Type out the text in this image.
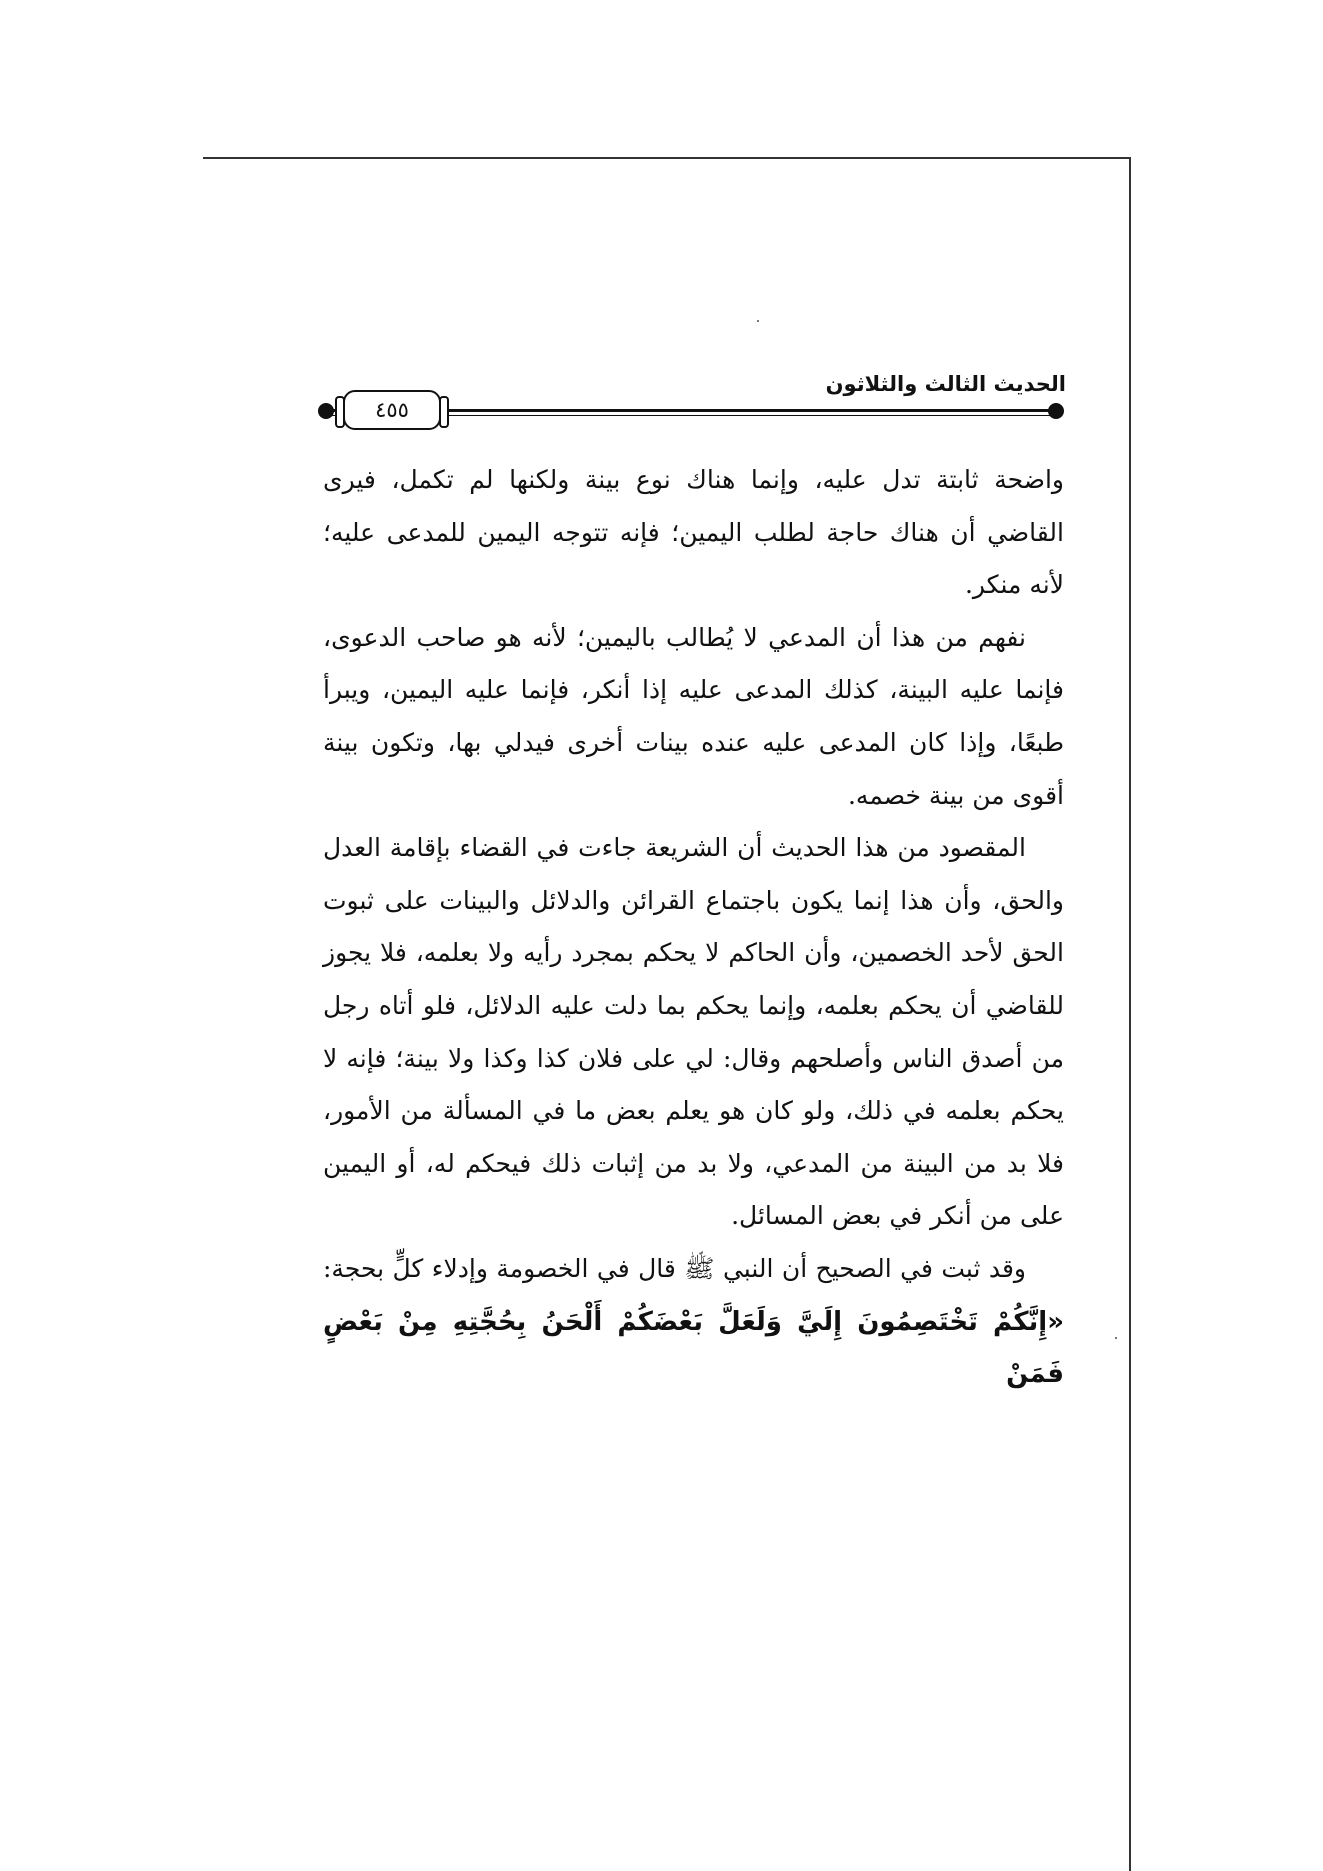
الحديث الثالث والثلاثون
٤٥٥

واضحة ثابتة تدل عليه، وإنما هناك نوع بينة ولكنها لم تكمل، فيرى القاضي أن هناك حاجة لطلب اليمين؛ فإنه تتوجه اليمين للمدعى عليه؛ لأنه منكر.

نفهم من هذا أن المدعي لا يُطالب باليمين؛ لأنه هو صاحب الدعوى، فإنما عليه البينة، كذلك المدعى عليه إذا أنكر، فإنما عليه اليمين، ويبرأ طبعًا، وإذا كان المدعى عليه عنده بينات أخرى فيدلي بها، وتكون بينة أقوى من بينة خصمه.

المقصود من هذا الحديث أن الشريعة جاءت في القضاء بإقامة العدل والحق، وأن هذا إنما يكون باجتماع القرائن والدلائل والبينات على ثبوت الحق لأحد الخصمين، وأن الحاكم لا يحكم بمجرد رأيه ولا بعلمه، فلا يجوز للقاضي أن يحكم بعلمه، وإنما يحكم بما دلت عليه الدلائل، فلو أتاه رجل من أصدق الناس وأصلحهم وقال: لي على فلان كذا وكذا ولا بينة؛ فإنه لا يحكم بعلمه في ذلك، ولو كان هو يعلم بعض ما في المسألة من الأمور، فلا بد من البينة من المدعي، ولا بد من إثبات ذلك فيحكم له، أو اليمين على من أنكر في بعض المسائل.

وقد ثبت في الصحيح أن النبي ﷺ قال في الخصومة وإدلاء كلٍّ بحجة: «إِنَّكُمْ تَخْتَصِمُونَ إِلَيَّ وَلَعَلَّ بَعْضَكُمْ أَلْحَنُ بِحُجَّتِهِ مِنْ بَعْضٍ فَمَنْ
